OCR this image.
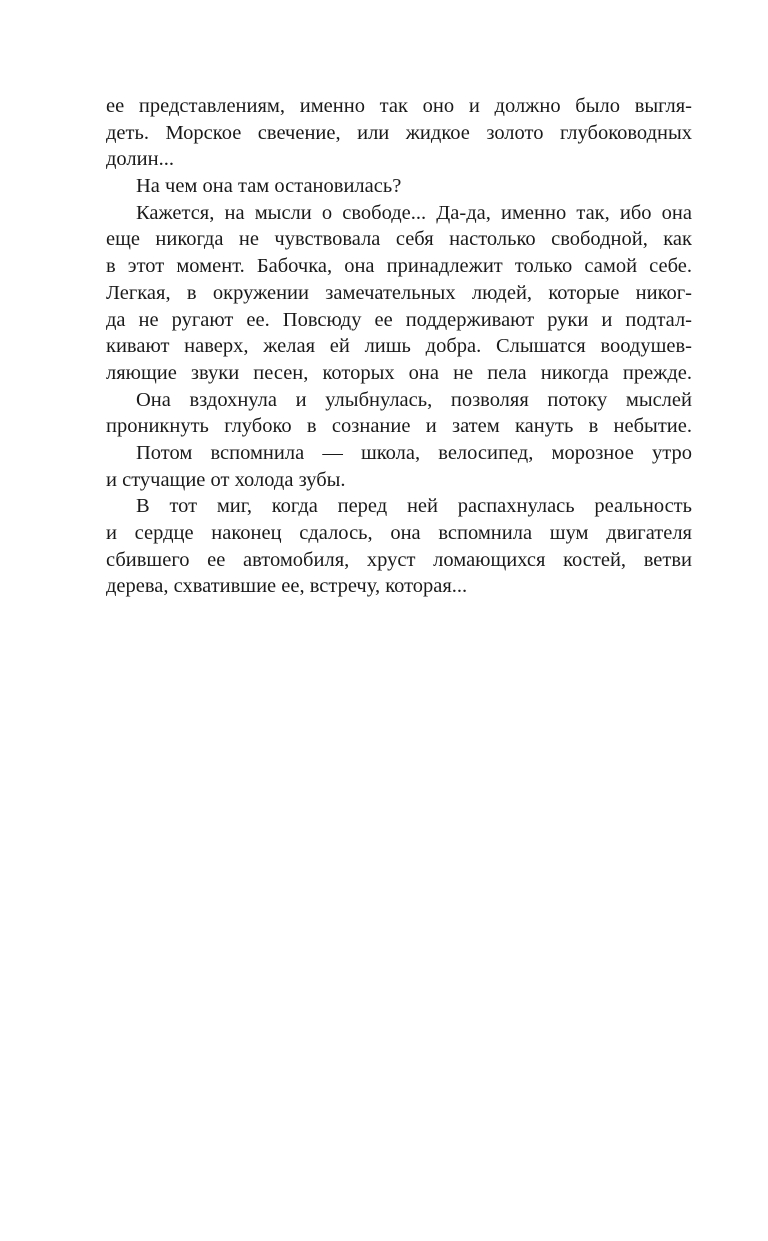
ее представлениям, именно так оно и должно было выгля-
деть. Морское свечение, или жидкое золото глубоководных
долин...
На чем она там остановилась?
Кажется, на мысли о свободе... Да-да, именно так, ибо она
еще никогда не чувствовала себя настолько свободной, как
в этот момент. Бабочка, она принадлежит только самой себе.
Легкая, в окружении замечательных людей, которые никог-
да не ругают ее. Повсюду ее поддерживают руки и подтал-
кивают наверх, желая ей лишь добра. Слышатся воодушев-
ляющие звуки песен, которых она не пела никогда прежде.
Она вздохнула и улыбнулась, позволяя потоку мыслей
проникнуть глубоко в сознание и затем кануть в небытие.
Потом вспомнила — школа, велосипед, морозное утро
и стучащие от холода зубы.
В тот миг, когда перед ней распахнулась реальность
и сердце наконец сдалось, она вспомнила шум двигателя
сбившего ее автомобиля, хруст ломающихся костей, ветви
дерева, схватившие ее, встречу, которая...
